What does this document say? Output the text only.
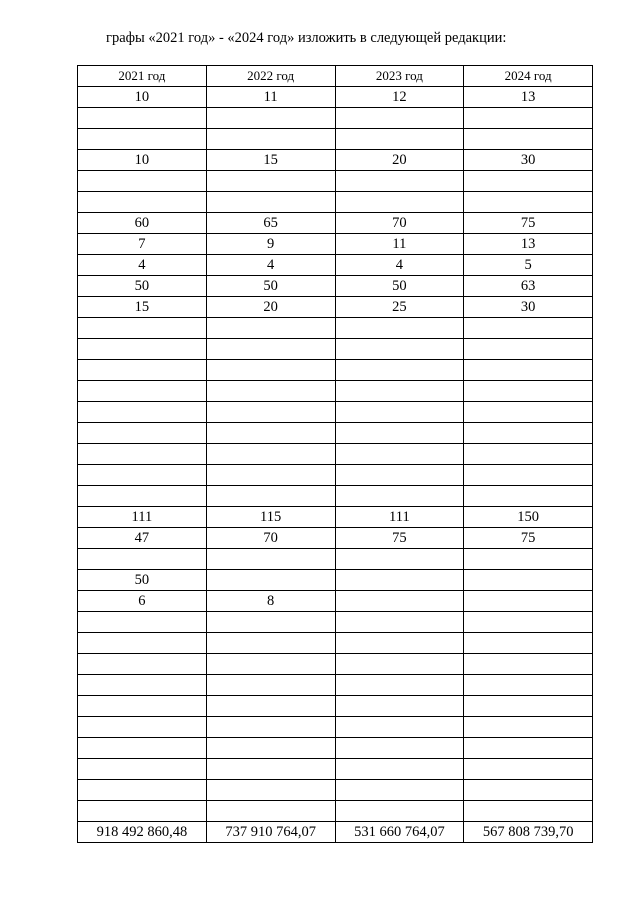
графы «2021 год» - «2024 год» изложить в следующей редакции:
2021 год	2022 год	2023 год	2024 год
10	11	12	13

10	15	20	30

60	65	70	75
7	9	11	13
4	4	4	5
50	50	50	63
15	20	25	30

111	115	111	150
47	70	75	75

50			
6	8		

918 492 860,48	737 910 764,07	531 660 764,07	567 808 739,70
